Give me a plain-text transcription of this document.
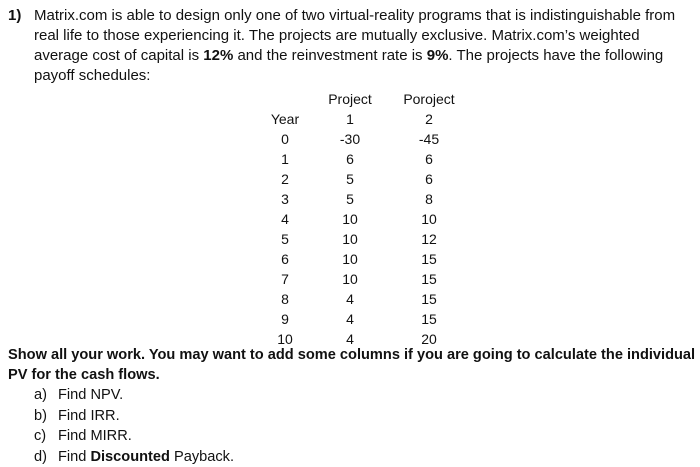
1) Matrix.com is able to design only one of two virtual-reality programs that is indistinguishable from real life to those experiencing it. The projects are mutually exclusive. Matrix.com’s weighted average cost of capital is 12% and the reinvestment rate is 9%. The projects have the following payoff schedules:
	Project	Poroject
Year	1	2
0	-30	-45
1	6	6
2	5	6
3	5	8
4	10	10
5	10	12
6	10	15
7	10	15
8	4	15
9	4	15
10	4	20
Show all your work. You may want to add some columns if you are going to calculate the individual PV for the cash flows.
a) Find NPV.
b) Find IRR.
c) Find MIRR.
d) Find Discounted Payback.
